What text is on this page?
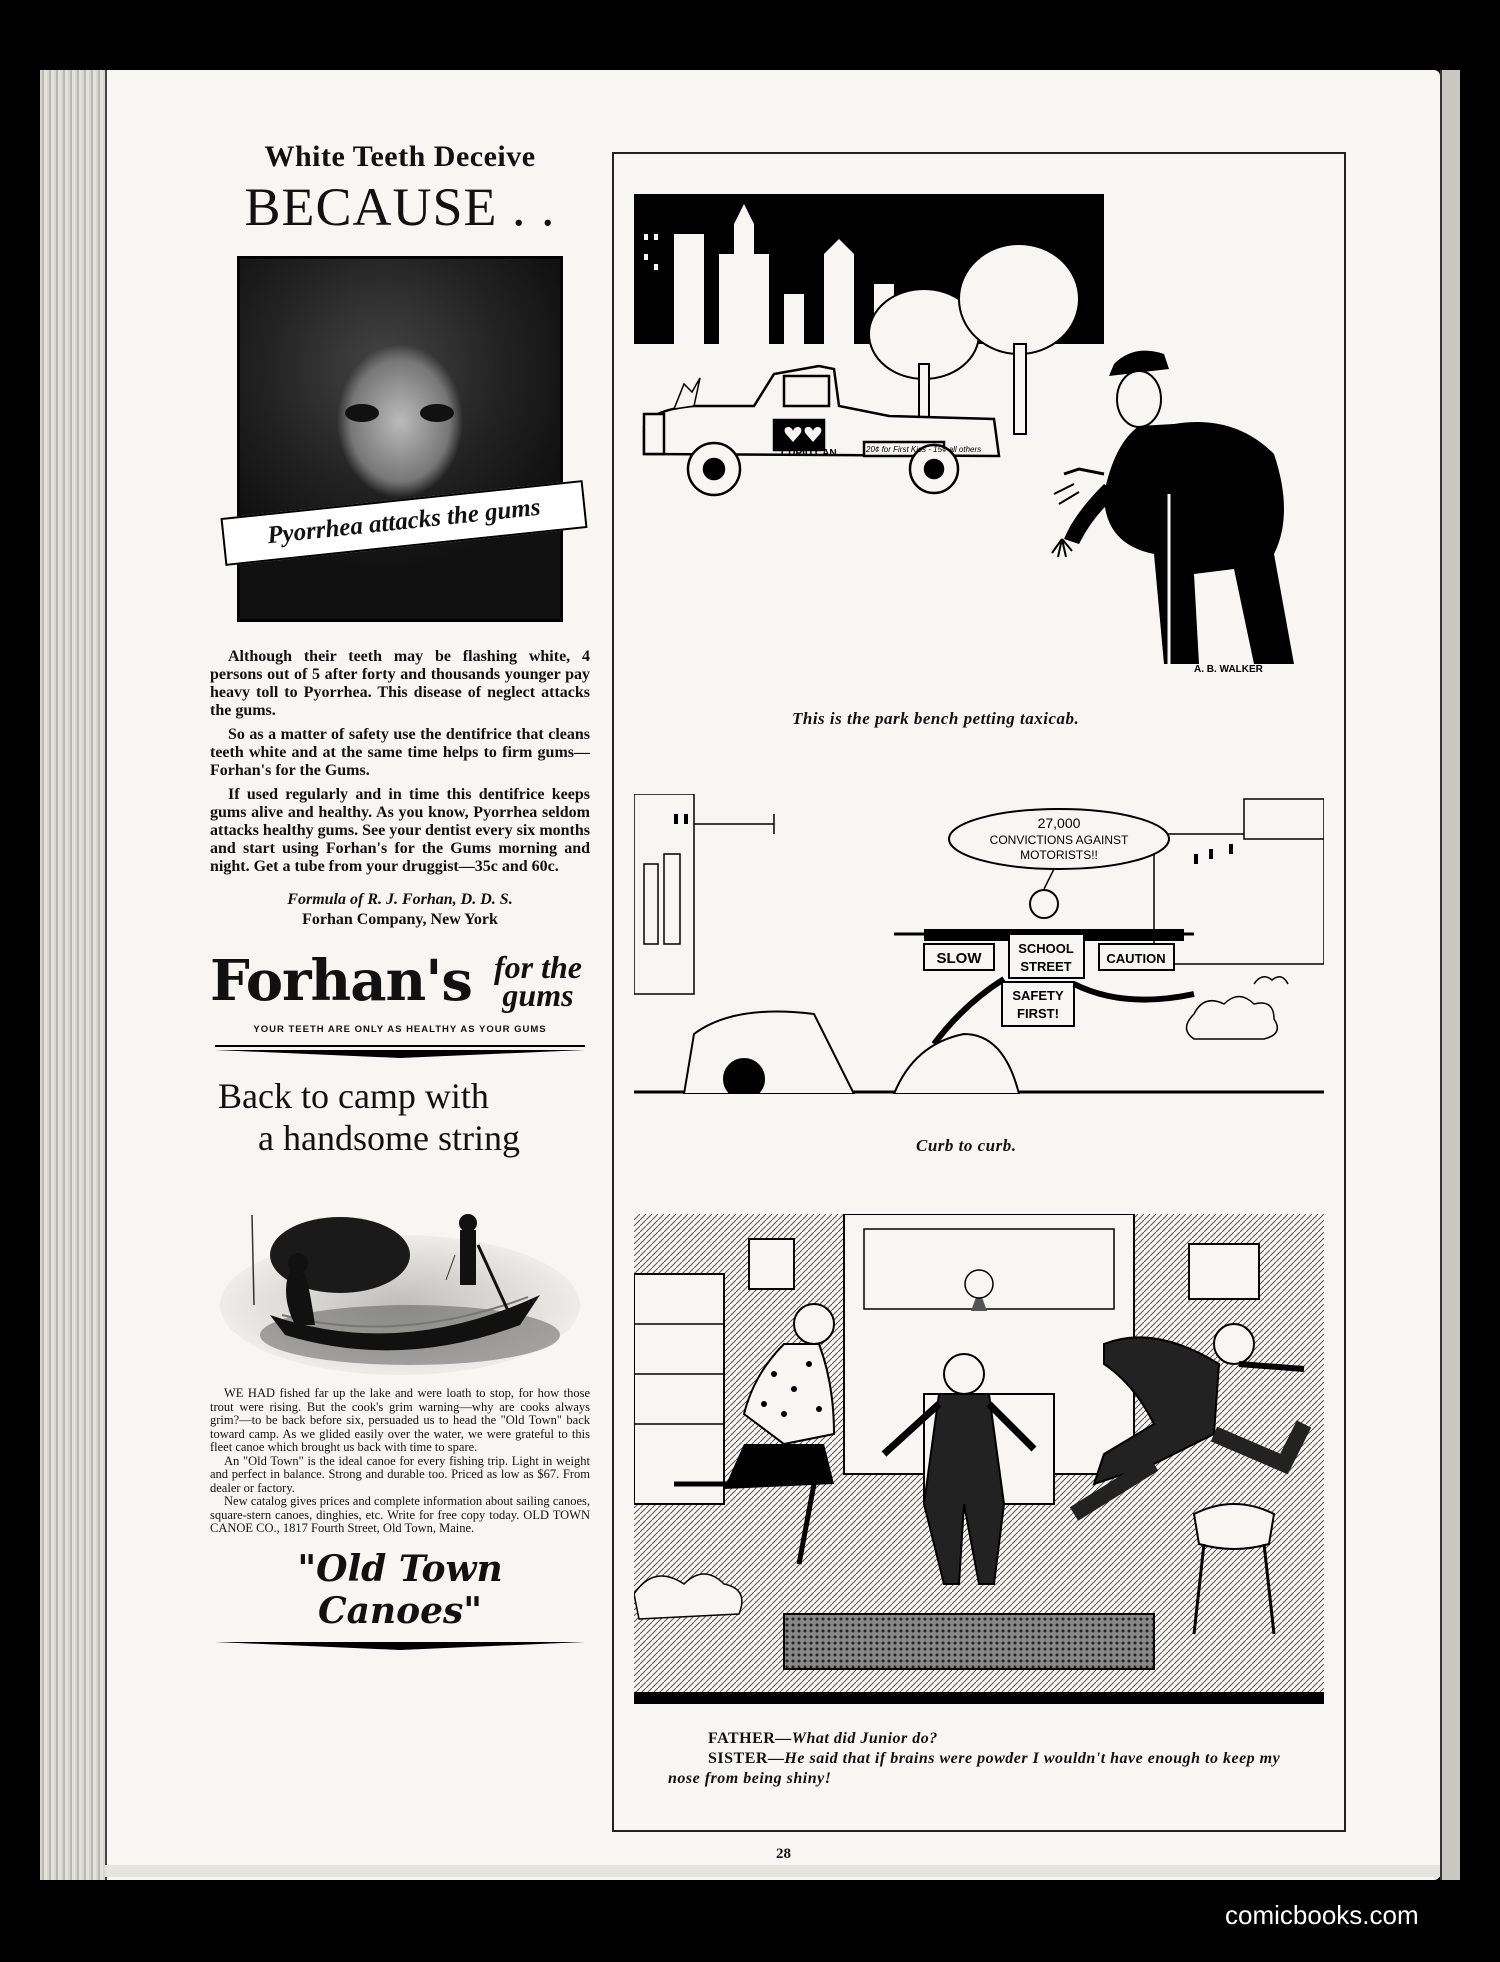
White Teeth Deceive
BECAUSE . .
Pyorrhea attacks the gums

Although their teeth may be flashing white, 4 persons out of 5 after forty and thousands younger pay heavy toll to Pyorrhea. This disease of neglect attacks the gums.

So as a matter of safety use the dentifrice that cleans teeth white and at the same time helps to firm gums—Forhan's for the Gums.

If used regularly and in time this dentifrice keeps gums alive and healthy. As you know, Pyorrhea seldom attacks healthy gums. See your dentist every six months and start using Forhan's for the Gums morning and night. Get a tube from your druggist—35c and 60c.

Formula of R. J. Forhan, D. D. S.
Forhan Company, New York
Forhan's for the gums
YOUR TEETH ARE ONLY AS HEALTHY AS YOUR GUMS
Back to camp with
a handsome string

WE HAD fished far up the lake and were loath to stop, for how those trout were rising. But the cook's grim warning—why are cooks always grim?—to be back before six, persuaded us to head the "Old Town" back toward camp. As we glided easily over the water, we were grateful to this fleet canoe which brought us back with time to spare.

An "Old Town" is the ideal canoe for every fishing trip. Light in weight and perfect in balance. Strong and durable too. Priced as low as $67. From dealer or factory.

New catalog gives prices and complete information about sailing canoes, square-stern canoes, dinghies, etc. Write for free copy today. OLD TOWN CANOE CO., 1817 Fourth Street, Old Town, Maine.

"Old Town Canoes"
CUPID CAN	20¢ for First Kiss - 15¢ all others
A. B. WALKER
This is the park bench petting taxicab.
27,000
CONVICTIONS AGAINST
MOTORISTS!!
SLOW
SCHOOL
STREET
CAUTION
SAFETY
FIRST!
Curb to curb.
FATHER—What did Junior do?
SISTER—He said that if brains were powder I wouldn't have enough to keep my nose from being shiny!
28
comicbooks.com
